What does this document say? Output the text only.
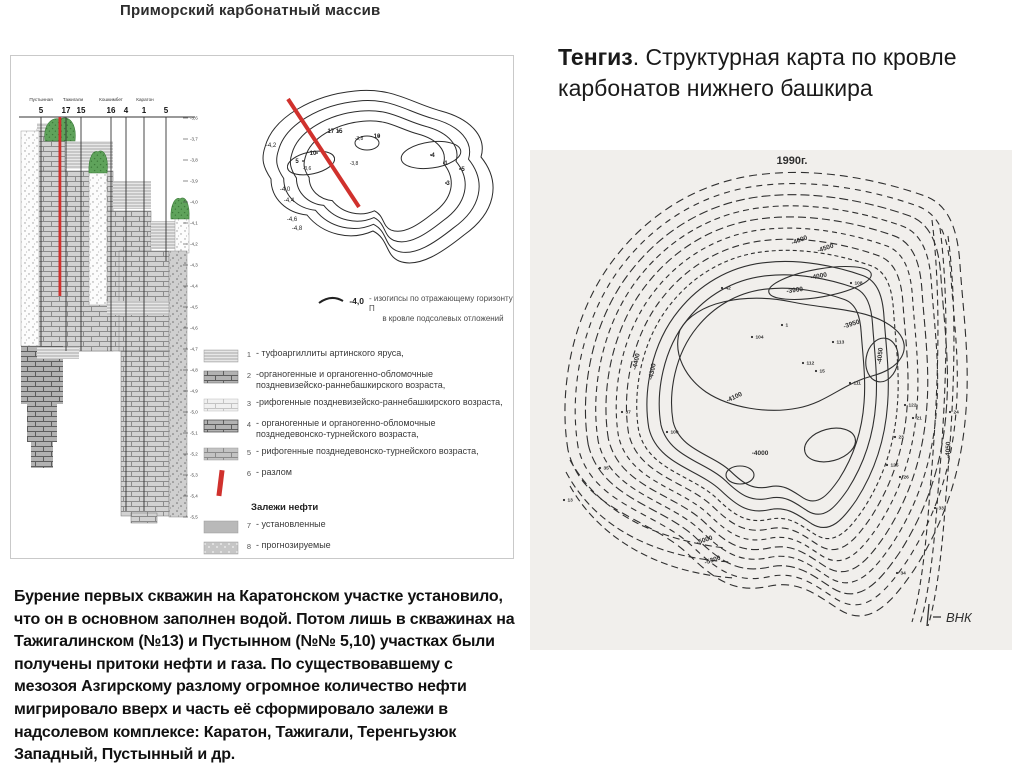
Приморский карбонатный массив
Пустынная Тажигали	Кошкимбет	Каратон
5 17 15	16 4 1 5
-3,6
-3,7
-3,8
-3,9
-4,0
-4,1
-4,2
-4,3
-4,4
-4,5
-4,6
-4,7
-4,8
-4,9
-5,0
-5,1
-5,2
-5,3
-5,4
-5,5
-4,2
17 15
-3,8 10
5
10
-3,6
-3,8
4
1
5
3
-4,0
-4,4
-4,6
-4,8
-4,0 - изогипсы по отражающему горизонту П
в кровле подсолевых отложений
1 - туфоаргиллиты артинского яруса,
2 -органогенные и органогенно-обломочные поздневизейско-раннебашкирского возраста,
3 -рифогенные поздневизейско-раннебашкирского возраста,
4 - органогенные и органогенно-обломочные позднедевонско-турнейского возраста,
5 - рифогенные позднедевонско-турнейского возраста,
6 - разлом
Залежи нефти
7 - установленные
8 - прогнозируемые
Бурение первых скважин на Каратонском участке установило, что он в основном заполнен водой. Потом лишь в скважинах на Тажигалинском (№13) и Пустынном (№№ 5,10) участках были получены притоки нефти и газа. По существовавшему с мезозоя Азгирскому разлому огромное количество нефти мигрировало вверх и часть её сформировало залежи в надсолевом комплексе: Каратон, Тажигали, Теренгьузюк Западный, Пустынный и др.
Тенгиз. Структурная карта по кровле карбонатов нижнего башкира
1990г.
ВНК
13
35
37
100
42
104
1
113
108
112
111
15
122
21
24
23
125
26
33
34
-4400
-4300
-3900
-4000
-3950
-4050
-4500
-4600
-4000
-4100
-5000
-5300
-4050
